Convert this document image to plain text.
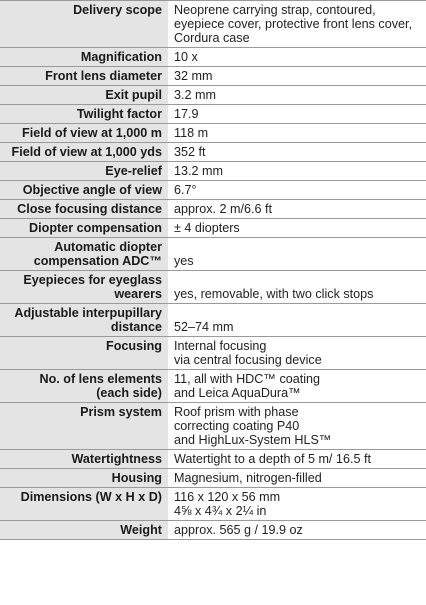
Delivery scope	Neoprene carrying strap, contoured,
eyepiece cover, protective front lens cover,
Cordura case
Magnification	10 x
Front lens diameter	32 mm
Exit pupil	3.2 mm
Twilight factor	17.9
Field of view at 1,000 m	118 m
Field of view at 1,000 yds	352 ft
Eye-relief	13.2 mm
Objective angle of view	6.7°
Close focusing distance	approx. 2 m/6.6 ft
Diopter compensation	± 4 diopters
Automatic diopter
compensation ADC™	yes
Eyepieces for eyeglass
wearers	yes, removable, with two click stops
Adjustable interpupillary
distance	52–74 mm
Focusing	Internal focusing
via central focusing device
No. of lens elements
(each side)	11, all with HDC™ coating
and Leica AquaDura™
Prism system	Roof prism with phase
correcting coating P40
and HighLux-System HLS™
Watertightness	Watertight to a depth of 5 m/ 16.5 ft
Housing	Magnesium, nitrogen-filled
Dimensions (W x H x D)	116 x 120 x 56 mm
4⅝ x 4¾ x 2¼ in
Weight	approx. 565 g / 19.9 oz
